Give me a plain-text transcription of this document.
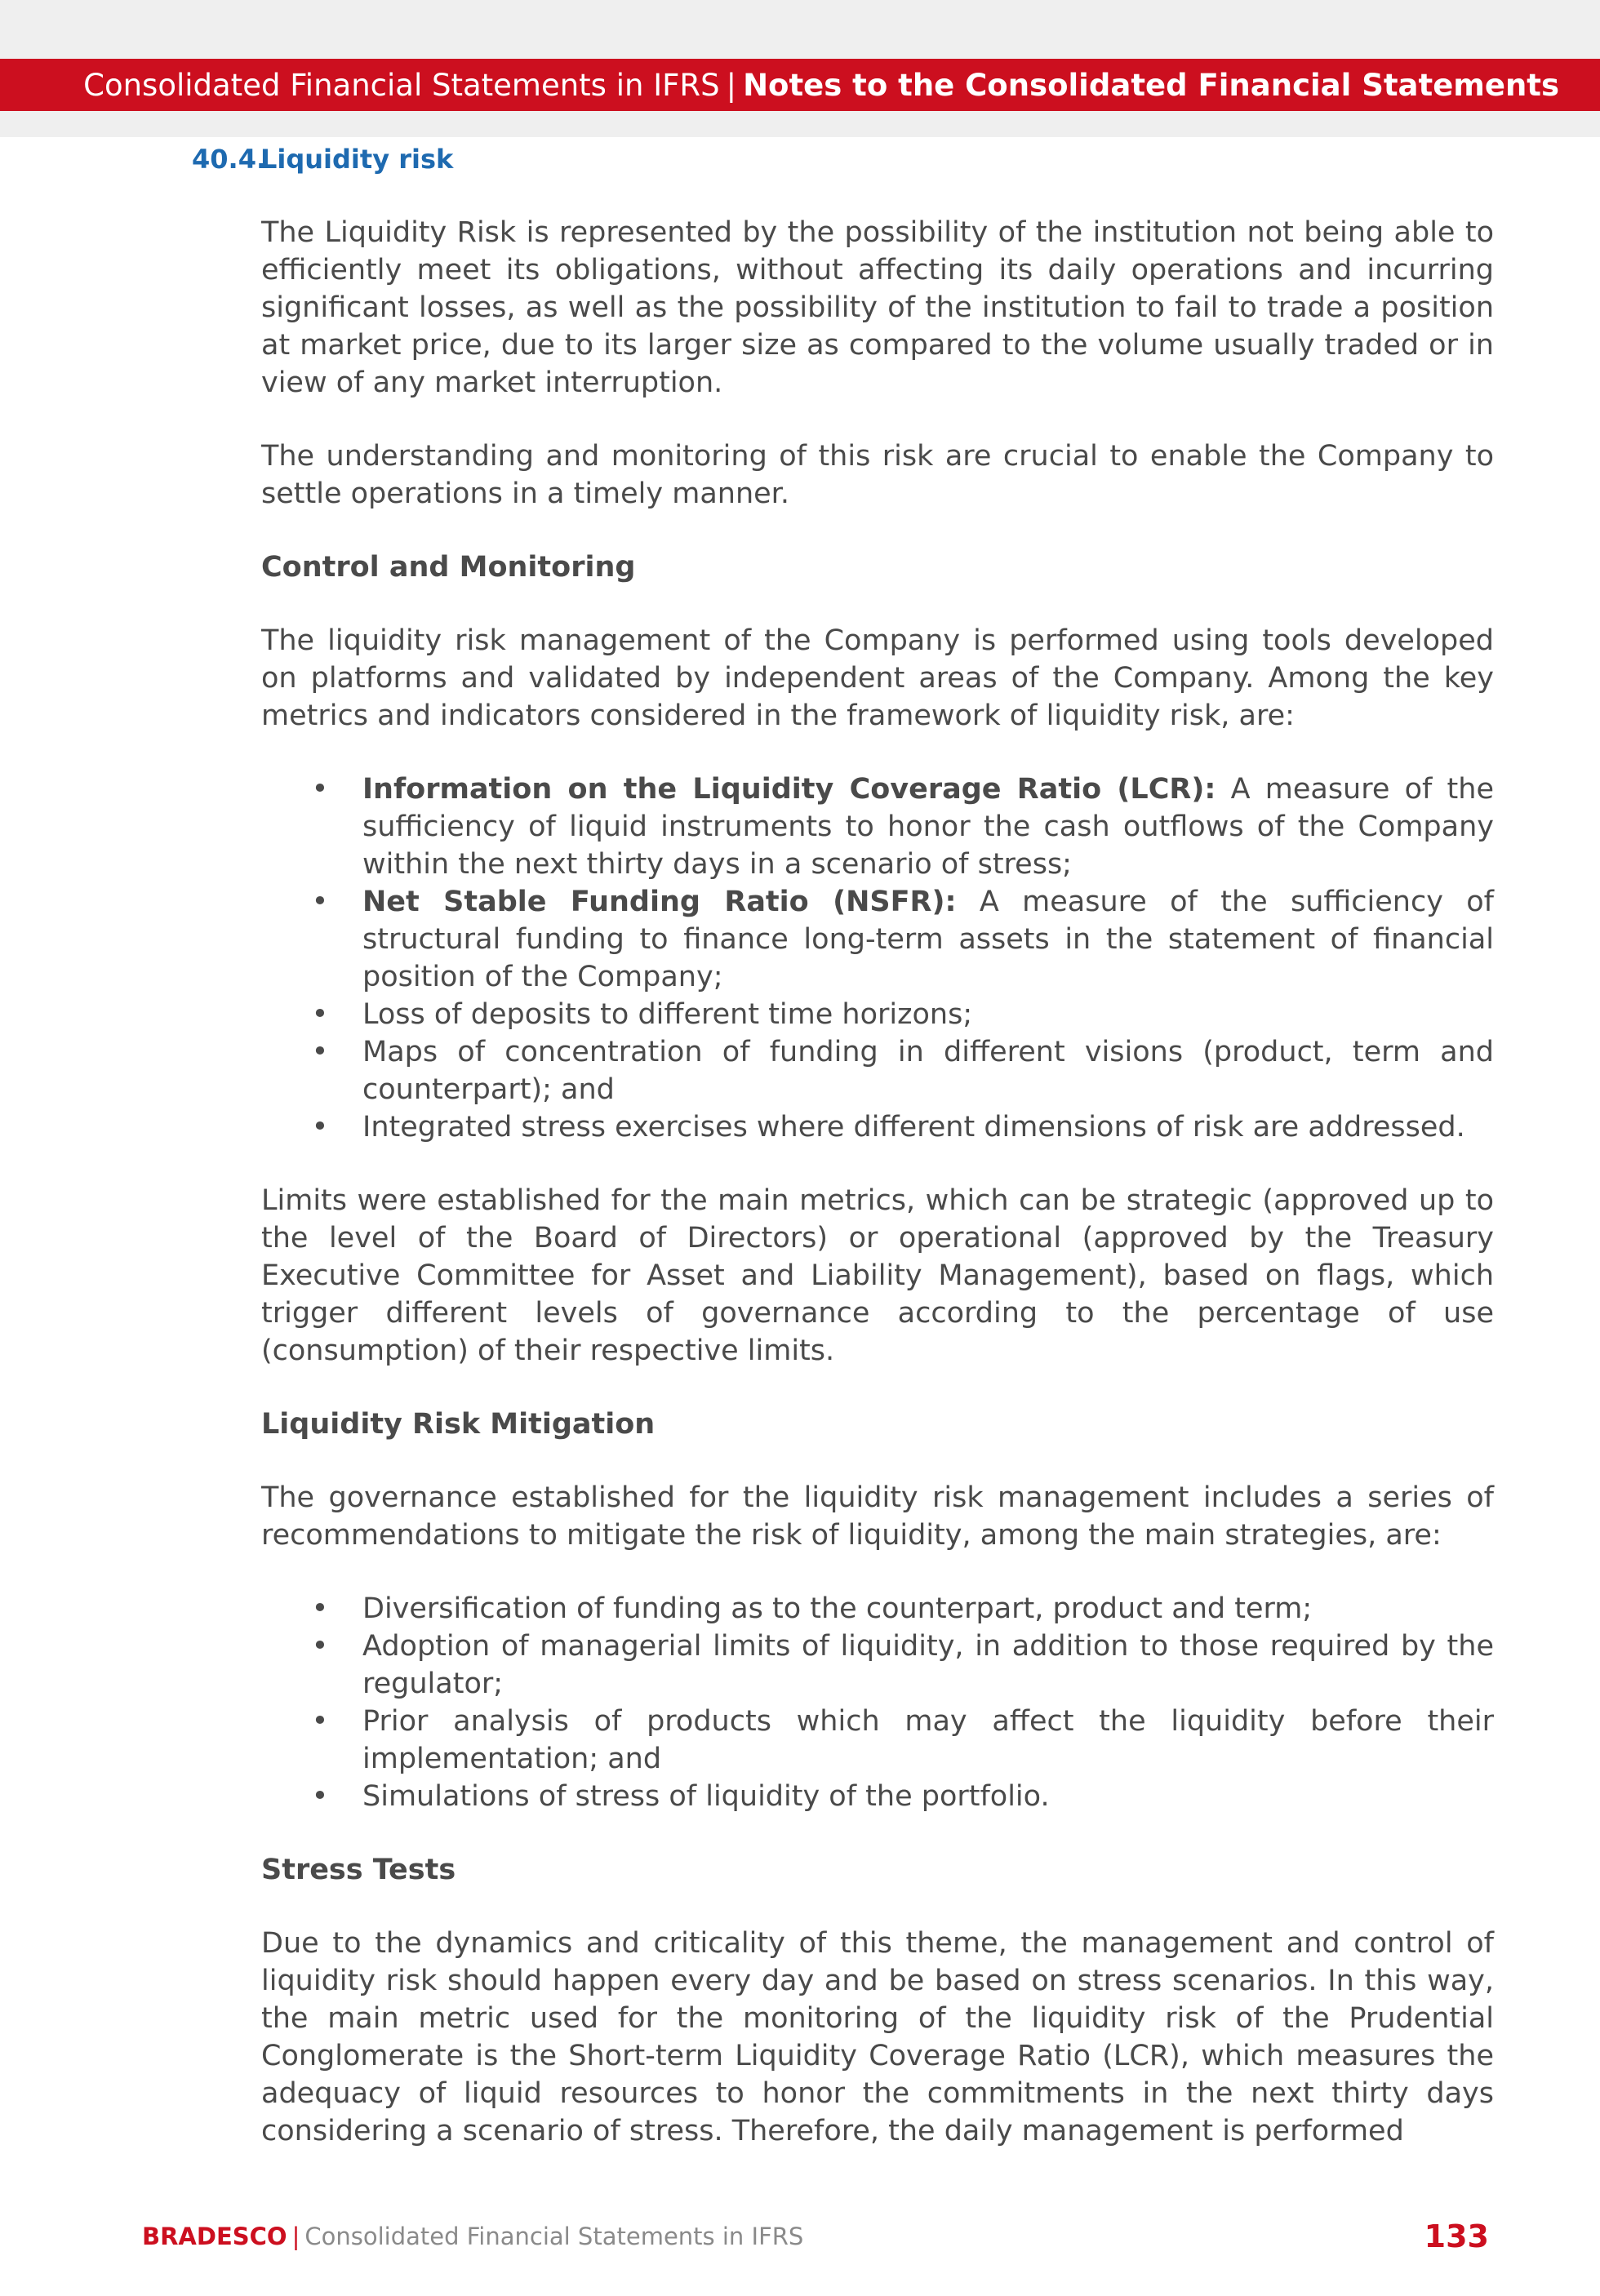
Consolidated Financial Statements in IFRS | Notes to the Consolidated Financial Statements
40.4.Liquidity risk

The Liquidity Risk is represented by the possibility of the institution not being able to efficiently meet its obligations, without affecting its daily operations and incurring significant losses, as well as the possibility of the institution to fail to trade a position at market price, due to its larger size as compared to the volume usually traded or in view of any market interruption.

The understanding and monitoring of this risk are crucial to enable the Company to settle operations in a timely manner.

Control and Monitoring

The liquidity risk management of the Company is performed using tools developed on platforms and validated by independent areas of the Company. Among the key metrics and indicators considered in the framework of liquidity risk, are:

• Information on the Liquidity Coverage Ratio (LCR): A measure of the sufficiency of liquid instruments to honor the cash outflows of the Company within the next thirty days in a scenario of stress;
• Net Stable Funding Ratio (NSFR): A measure of the sufficiency of structural funding to finance long-term assets in the statement of financial position of the Company;
• Loss of deposits to different time horizons;
• Maps of concentration of funding in different visions (product, term and counterpart); and
• Integrated stress exercises where different dimensions of risk are addressed.

Limits were established for the main metrics, which can be strategic (approved up to the level of the Board of Directors) or operational (approved by the Treasury Executive Committee for Asset and Liability Management), based on flags, which trigger different levels of governance according to the percentage of use (consumption) of their respective limits.

Liquidity Risk Mitigation

The governance established for the liquidity risk management includes a series of recommendations to mitigate the risk of liquidity, among the main strategies, are:

• Diversification of funding as to the counterpart, product and term;
• Adoption of managerial limits of liquidity, in addition to those required by the regulator;
• Prior analysis of products which may affect the liquidity before their implementation; and
• Simulations of stress of liquidity of the portfolio.
Stress Tests

Due to the dynamics and criticality of this theme, the management and control of liquidity risk should happen every day and be based on stress scenarios. In this way, the main metric used for the monitoring of the liquidity risk of the Prudential Conglomerate is the Short-term Liquidity Coverage Ratio (LCR), which measures the adequacy of liquid resources to honor the commitments in the next thirty days considering a scenario of stress. Therefore, the daily management is performed

BRADESCO | Consolidated Financial Statements in IFRS	133
